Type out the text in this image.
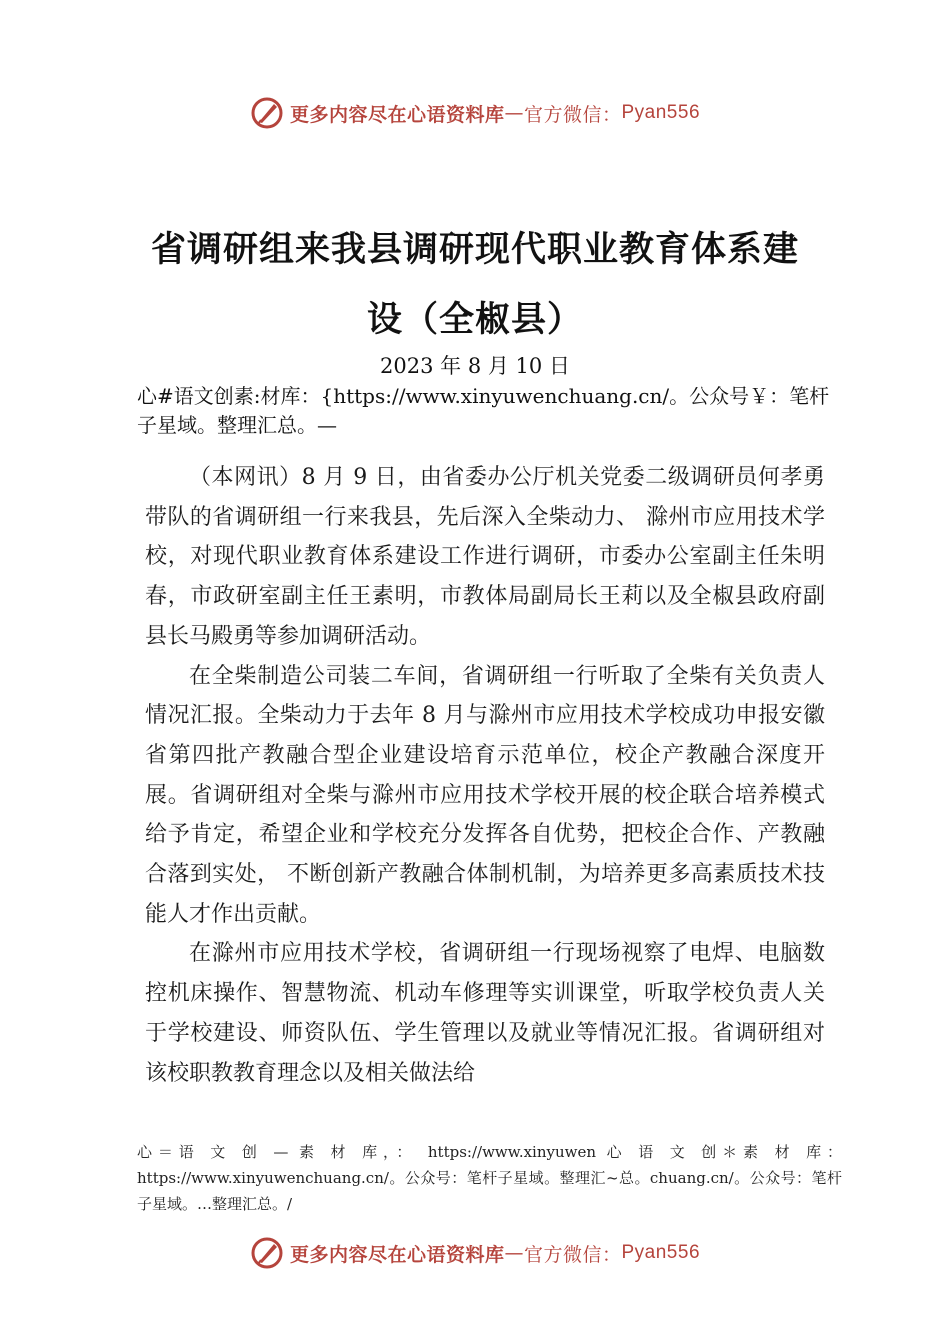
更多内容尽在心语资料库 — 官方微信： Pyan556
省调研组来我县调研现代职业教育体系建
设（全椒县）
2023 年 8 月 10 日

心#语文创素:材库：{https://www.xinyuwenchuang.cn/。公众号￥：笔杆子星域。整理汇总。—

（本网讯）8 月 9 日，由省委办公厅机关党委二级调研员何孝勇带队的省调研组一行来我县，先后深入全柴动力、 滁州市应用技术学校，对现代职业教育体系建设工作进行调研，市委办公室副主任朱明春，市政研室副主任王素明，市教体局副局长王莉以及全椒县政府副县长马殿勇等参加调研活动。

在全柴制造公司装二车间，省调研组一行听取了全柴有关负责人情况汇报。全柴动力于去年 8 月与滁州市应用技术学校成功申报安徽省第四批产教融合型企业建设培育示范单位，校企产教融合深度开展。省调研组对全柴与滁州市应用技术学校开展的校企联合培养模式给予肯定，希望企业和学校充分发挥各自优势，把校企合作、产教融合落到实处， 不断创新产教融合体制机制，为培养更多高素质技术技能人才作出贡献。

在滁州市应用技术学校，省调研组一行现场视察了电焊、电脑数控机床操作、智慧物流、机动车修理等实训课堂，听取学校负责人关于学校建设、师资队伍、学生管理以及就业等情况汇报。省调研组对该校职教教育理念以及相关做法给

心＝语 文 创 — 素 材 库，： https://www.xinyuwen 心 语 文 创＊素 材 库： https://www.xinyuwenchuang.cn/。公众号：笔杆子星域。整理汇~总。chuang.cn/。公众号：笔杆子星域。…整理汇总。/

更多内容尽在心语资料库 — 官方微信： Pyan556
